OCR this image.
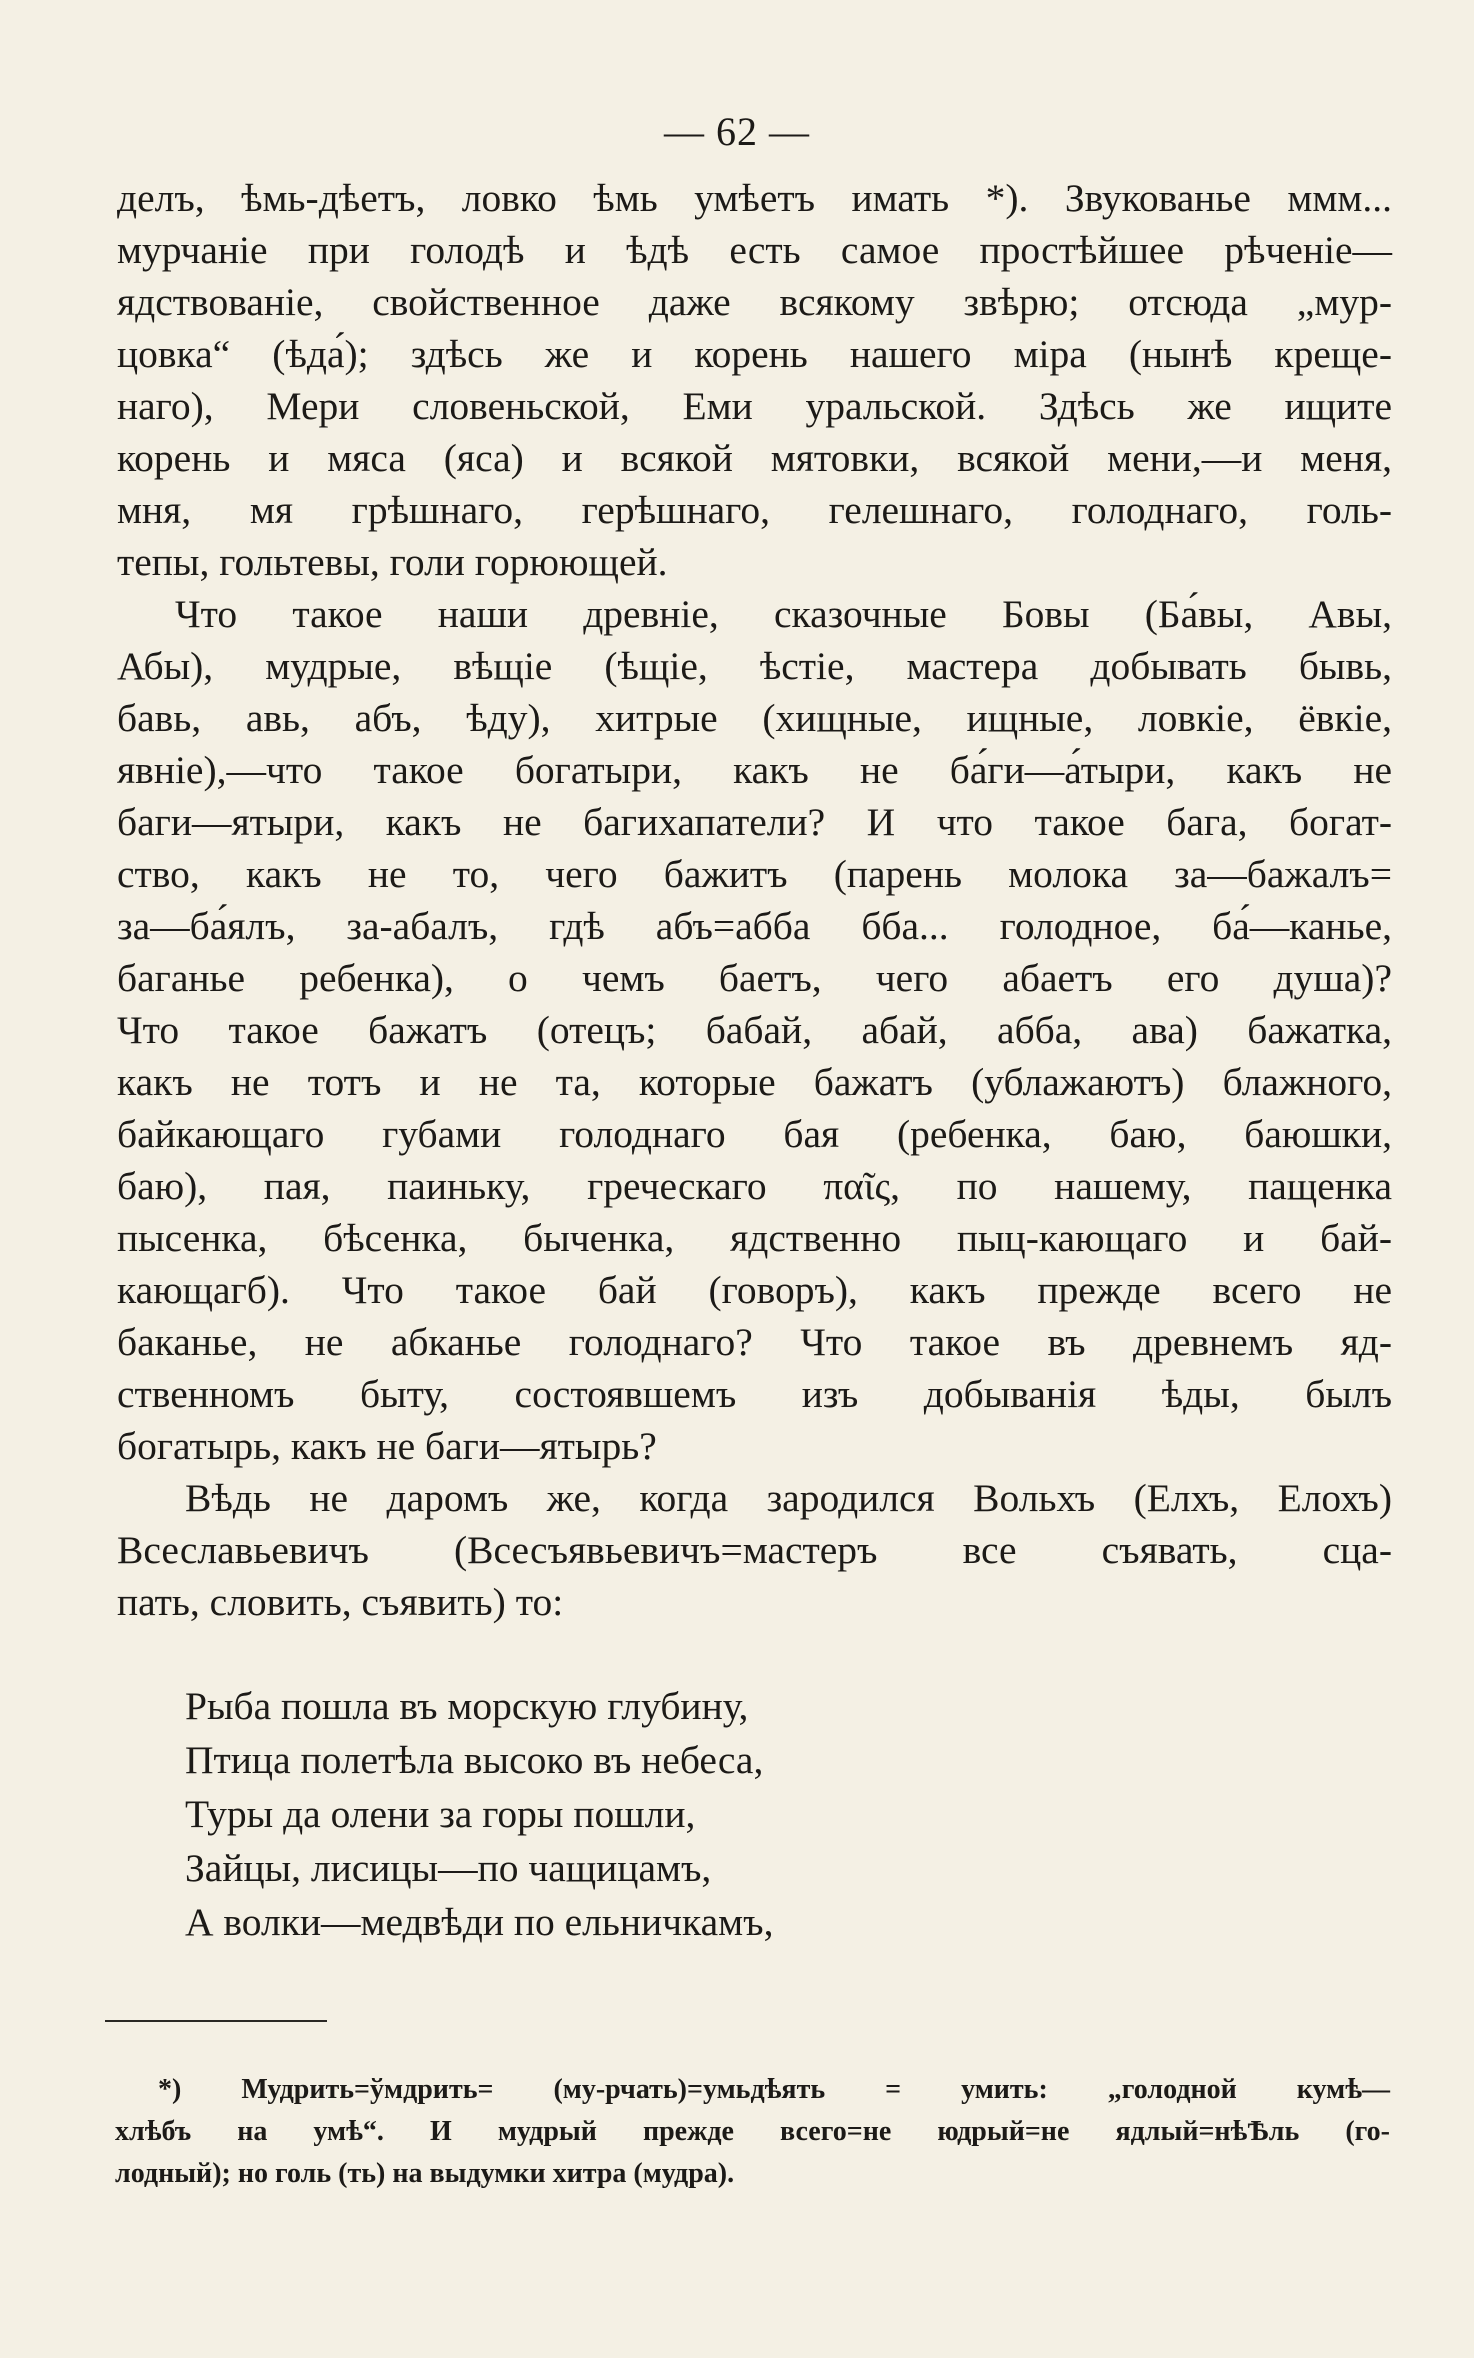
— 62 —
делъ, ѣмь-дѣетъ, ловко ѣмь умѣетъ имать *). Звукованье ммм...
мурчаніе при голодѣ и ѣдѣ есть самое простѣйшее рѣченіе—
ядствованіе, свойственное даже всякому звѣрю; отсюда „мур-
цовка“ (ѣда́); здѣсь же и корень нашего міра (нынѣ креще-
наго), Мери словеньской, Еми уральской. Здѣсь же ищите
корень и мяса (яса) и всякой мятовки, всякой мени,—и меня,
мня, мя грѣшнаго, герѣшнаго, гелешнаго, голоднаго, голь-
тепы, гольтевы, голи горюющей.
Что такое наши древніе, сказочные Бовы (Ба́вы, Авы,
Абы), мудрые, вѣщіе (ѣщіе, ѣстіе, мастера добывать бывь,
бавь, авь, абъ, ѣду), хитрые (хищные, ищные, ловкіе, ёвкіе,
явніе),—что такое богатыри, какъ не ба́ги—а́тыри, какъ не
баги—ятыри, какъ не багихапатели? И что такое бага, богат-
ство, какъ не то, чего бажитъ (парень молока за—бажалъ=
за—ба́ялъ, за-абалъ, гдѣ абъ=абба бба... голодное, ба́—канье,
баганье ребенка), о чемъ баетъ, чего абаетъ его душа)?
Что такое бажатъ (отецъ; бабай, абай, абба, ава) бажатка,
какъ не тотъ и не та, которые бажатъ (ублажаютъ) блажного,
байкающаго губами голоднаго бая (ребенка, баю, баюшки,
баю), пая, паиньку, греческаго παῖς, по нашему, пащенка
пысенка, бѣсенка, быченка, ядственно пыц-кающаго и бай-
кающагб). Что такое бай (говоръ), какъ прежде всего не
баканье, не абканье голоднаго? Что такое въ древнемъ яд-
ственномъ быту, состоявшемъ изъ добыванія ѣды, былъ
богатырь, какъ не баги—ятырь?
Вѣдь не даромъ же, когда зародился Вольхъ (Елхъ, Елохъ)
Всеславьевичъ (Всесъявьевичъ=мастеръ все съявать, сца-
пать, словить, съявить) то:
Рыба пошла въ морскую глубину,
Птица полетѣла высоко въ небеса,
Туры да олени за горы пошли,
Зайцы, лисицы—по чащицамъ,
А волки—медвѣди по ельничкамъ,
*) Мудрить=ўмдрить= (му-рчать)=умьдѣять = умить: „голодной кумѣ—
хлѣбъ на умѣ“. И мудрый прежде всего=не юдрый=не ядлый=нѣѢль (го-
лодный); но голь (ть) на выдумки хитра (мудра).
